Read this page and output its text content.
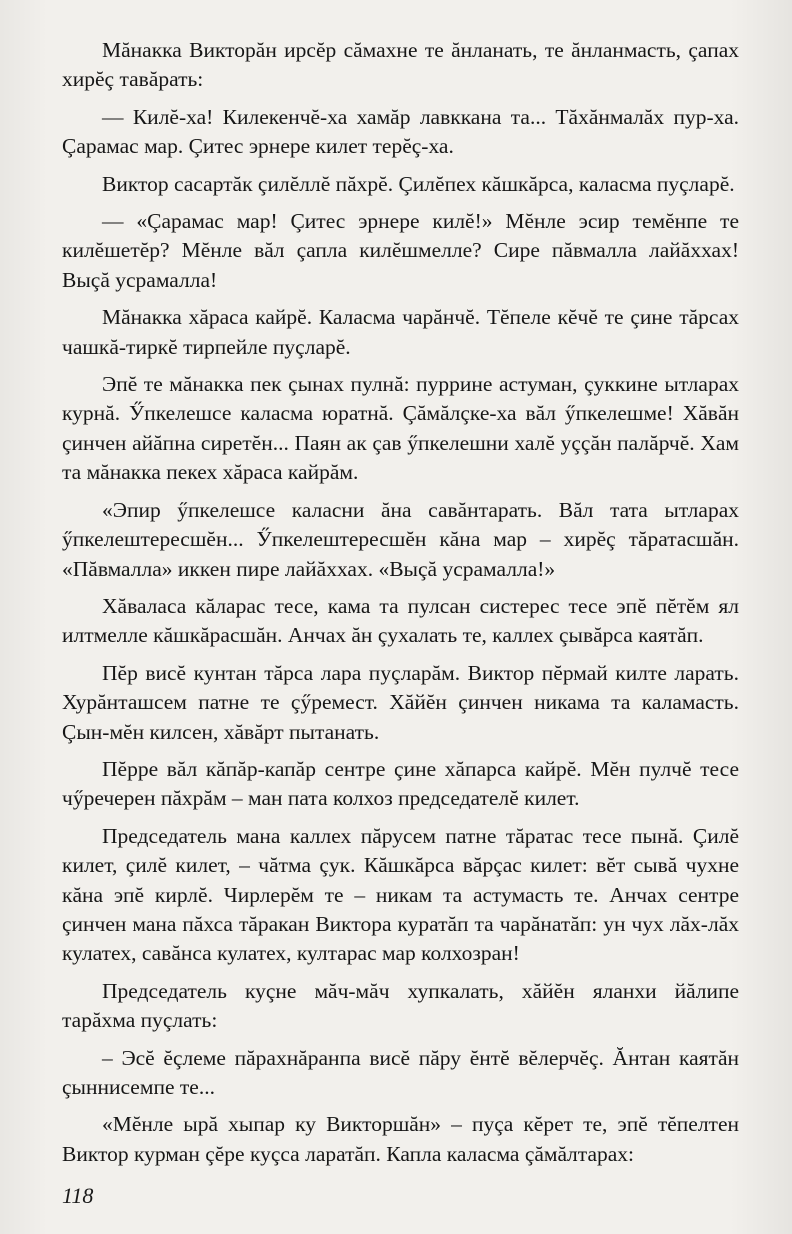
Мăнакка Викторăн ирсĕр сăмахне те ăнланать, те ăнланмасть, çапах хирĕç тавăрать:

— Килĕ-ха! Килекенчĕ-ха хамăр лавккана та... Тăхăнмалăх пур-ха. Çарамас мар. Çитес эрнере килет терĕç-ха.

Виктор сасартăк çилĕллĕ пăхрĕ. Çилĕпех кăшкăрса, каласма пуçларĕ.

— «Çарамас мар! Çитес эрнере килĕ!» Мĕнле эсир темĕнпе те килĕшетĕр? Мĕнле вăл çапла килĕшмелле? Сире пăвмалла лайăххах! Выçă усрамалла!

Мăнакка хăраса кайрĕ. Каласма чарăнчĕ. Тĕпеле кĕчĕ те çине тăрсах чашкă-тиркĕ тирпейле пуçларĕ.

Эпĕ те мăнакка пек çынах пулнă: пуррине астуман, çуккине ытларах курнă. Ӳпкелешсе каласма юратнă. Çăмăлçке-ха вăл ӳпкелешме! Хăвăн çинчен айăпна сиретĕн... Паян ак çав ӳпкелешни халĕ уççăн палăрчĕ. Хам та мăнакка пекех хăраса кайрăм.

«Эпир ӳпкелешсе каласни ăна савăнтарать. Вăл тата ытларах ӳпкелештересшĕн... Ӳпкелештересшĕн кăна мар – хирĕç тăратасшăн. «Пăвмалла» иккен пире лайăххах. «Выçă усрамалла!»

Хăваласа кăларас тесе, кама та пулсан систерес тесе эпĕ пĕтĕм ял илтмелле кăшкăрасшăн. Анчах ăн çухалать те, каллех çывăрса каятăп.

Пĕр висĕ кунтан тăрса лара пуçларăм. Виктор пĕрмай килте ларать. Хурăнташсем патне те çӳремест. Хăйĕн çинчен никама та каламасть. Çын-мĕн килсен, хăвăрт пытанать.

Пĕрре вăл кăпăр-капăр сентре çине хăпарса кайрĕ. Мĕн пулчĕ тесе чӳречерен пăхрăм – ман пата колхоз председателĕ килет.

Председатель мана каллех пăрусем патне тăратас тесе пынă. Çилĕ килет, çилĕ килет, – чăтма çук. Кăшкăрса вăрçас килет: вĕт сывă чухне кăна эпĕ кирлĕ. Чирлерĕм те – никам та астумасть те. Анчах сентре çинчен мана пăхса тăракан Виктора куратăп та чарăнатăп: ун чух лăх-лăх кулатех, савăнса кулатех, култарас мар колхозран!

Председатель куçне мăч-мăч хупкалать, хăйĕн яланхи йăлипе тарăхма пуçлать:

– Эсĕ ĕçлеме пăрахнăранпа висĕ пăру ĕнтĕ вĕлерчĕç. Ăнтан каятăн çыннисемпе те...

«Мĕнле ырă хыпар ку Викторшăн» – пуça кĕрет те, эпĕ тĕпелтен Виктор курман çĕре куçса ларатăп. Капла каласма çăмăлтарах:

118
